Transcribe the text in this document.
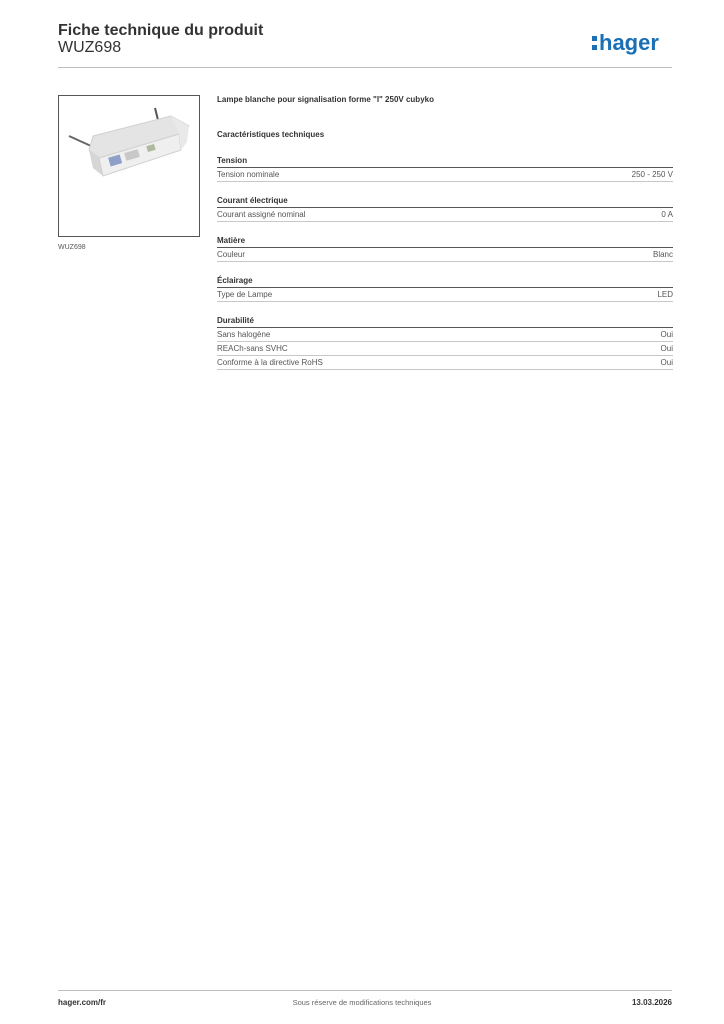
Fiche technique du produit
WUZ698	hager
WUZ698
Lampe blanche pour signalisation forme "I" 250V cubyko
Caractéristiques techniques
Tension
Tension nominale	250 - 250 V
Courant électrique
Courant assigné nominal	0 A
Matière
Couleur	Blanc
Éclairage
Type de Lampe	LED
Durabilité
Sans halogène	Oui
REACh-sans SVHC	Oui
Conforme à la directive RoHS	Oui
hager.com/fr	Sous réserve de modifications techniques	13.03.2026
